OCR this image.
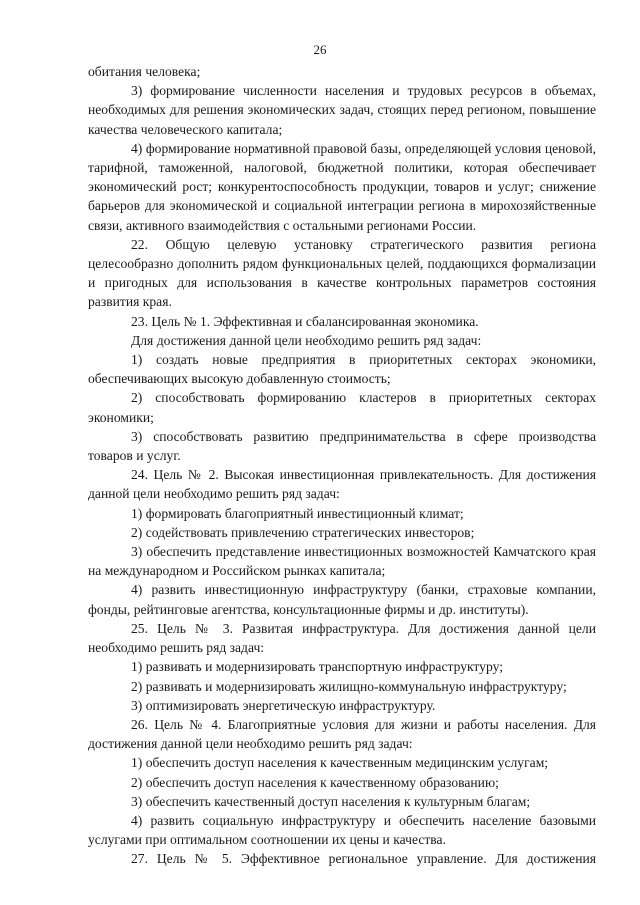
26

обитания человека;

3) формирование численности населения и трудовых ресурсов в объемах, необходимых для решения экономических задач, стоящих перед регионом, повышение качества человеческого капитала;

4) формирование нормативной правовой базы, определяющей условия ценовой, тарифной, таможенной, налоговой, бюджетной политики, которая обеспечивает экономический рост; конкурентоспособность продукции, товаров и услуг; снижение барьеров для экономической и социальной интеграции региона в мирохозяйственные связи, активного взаимодействия с остальными регионами России.

22. Общую целевую установку стратегического развития региона целесообразно дополнить рядом функциональных целей, поддающихся формализации и пригодных для использования в качестве контрольных параметров состояния развития края.

23. Цель № 1. Эффективная и сбалансированная экономика.

Для достижения данной цели необходимо решить ряд задач:

1) создать новые предприятия в приоритетных секторах экономики, обеспечивающих высокую добавленную стоимость;

2) способствовать формированию кластеров в приоритетных секторах экономики;

3) способствовать развитию предпринимательства в сфере производства товаров и услуг.

24. Цель № 2. Высокая инвестиционная привлекательность. Для достижения данной цели необходимо решить ряд задач:

1) формировать благоприятный инвестиционный климат;

2) содействовать привлечению стратегических инвесторов;

3) обеспечить представление инвестиционных возможностей Камчатского края на международном и Российском рынках капитала;

4) развить инвестиционную инфраструктуру (банки, страховые компании, фонды, рейтинговые агентства, консультационные фирмы и др. институты).

25. Цель № 3. Развитая инфраструктура. Для достижения данной цели необходимо решить ряд задач:

1) развивать и модернизировать транспортную инфраструктуру;

2) развивать и модернизировать жилищно-коммунальную инфраструктуру;

3) оптимизировать энергетическую инфраструктуру.

26. Цель № 4. Благоприятные условия для жизни и работы населения. Для достижения данной цели необходимо решить ряд задач:

1) обеспечить доступ населения к качественным медицинским услугам;

2) обеспечить доступ населения к качественному образованию;

3) обеспечить качественный доступ населения к культурным благам;

4) развить социальную инфраструктуру и обеспечить население базовыми услугами при оптимальном соотношении их цены и качества.

27. Цель № 5. Эффективное региональное управление. Для достижения
